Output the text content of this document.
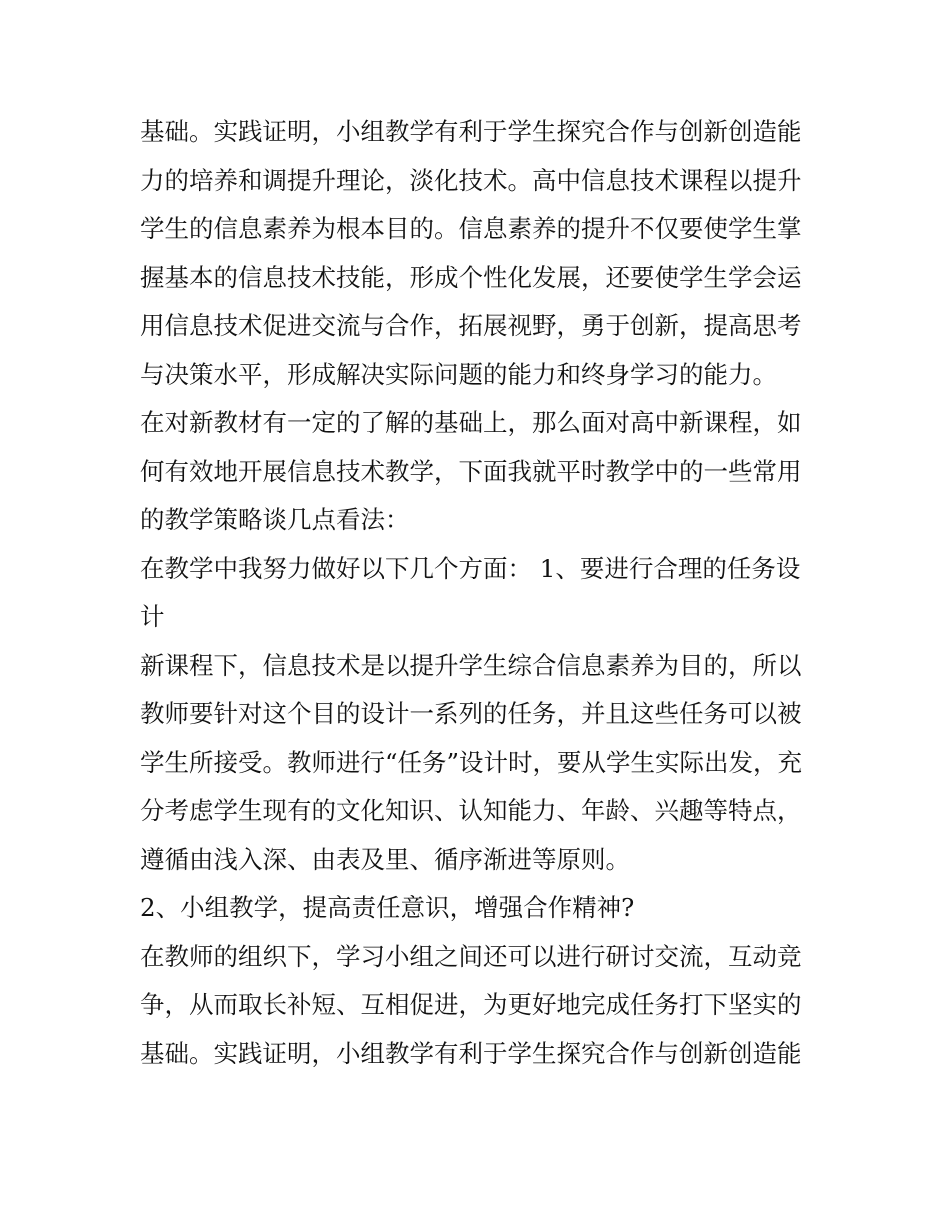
基础。实践证明，小组教学有利于学生探究合作与创新创造能
力的培养和调提升理论，淡化技术。高中信息技术课程以提升
学生的信息素养为根本目的。信息素养的提升不仅要使学生掌
握基本的信息技术技能，形成个性化发展，还要使学生学会运
用信息技术促进交流与合作，拓展视野，勇于创新，提高思考
与决策水平，形成解决实际问题的能力和终身学习的能力。
在对新教材有一定的了解的基础上，那么面对高中新课程，如
何有效地开展信息技术教学，下面我就平时教学中的一些常用
的教学策略谈几点看法：
在教学中我努力做好以下几个方面： 1、要进行合理的任务设
计
新课程下，信息技术是以提升学生综合信息素养为目的，所以
教师要针对这个目的设计一系列的任务，并且这些任务可以被
学生所接受。教师进行“任务”设计时，要从学生实际出发，充
分考虑学生现有的文化知识、认知能力、年龄、兴趣等特点，
遵循由浅入深、由表及里、循序渐进等原则。
2、小组教学，提高责任意识，增强合作精神?
在教师的组织下，学习小组之间还可以进行研讨交流，互动竞
争，从而取长补短、互相促进，为更好地完成任务打下坚实的
基础。实践证明，小组教学有利于学生探究合作与创新创造能
